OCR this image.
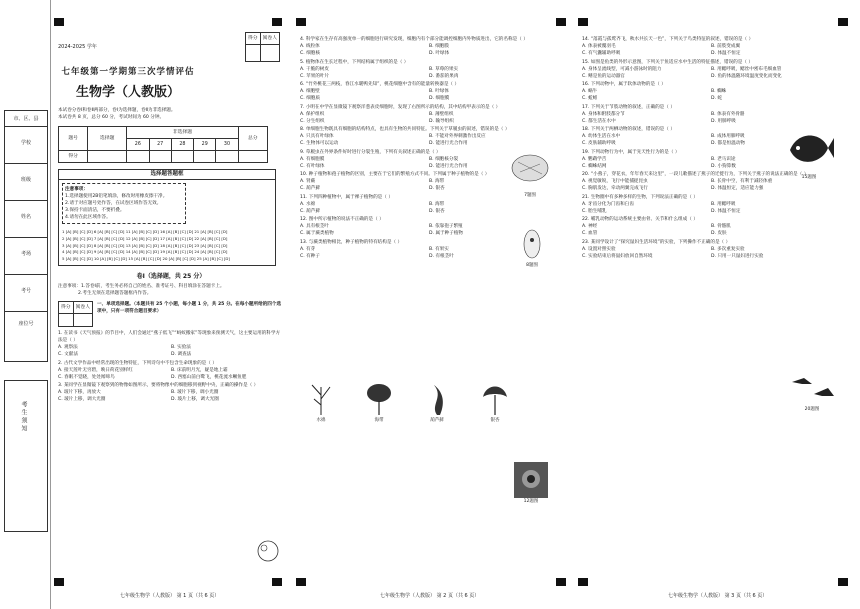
市、区、县
学校
班级
姓名
考场
考号
座位号
考生须知
2024-2025 学年
七年级第一学期第三次学情评估
生物学（人教版）
得分	阅卷人

本试卷分卷Ⅰ和卷Ⅱ两部分，卷Ⅰ为选择题，卷Ⅱ为非选择题。
本试卷共 8 页，总分 60 分，考试时间为 60 分钟。
题号	选择题	非选择题					总分
		26	27	28	29	30	
得分							
选择题答题框
注意事项：
1.选择题使用2B铅笔填涂，修改时用橡皮擦干净。
2.请于对应题号处作答，在试卷区域作答无效。
3.保持卡面清洁，不要折叠。
4.请勿在此区域作答。
1 [A] [B] [C] [D] 6 [A] [B] [C] [D] 11 [A] [B] [C] [D] 16 [A] [B] [C] [D] 21 [A] [B] [C] [D]
2 [A] [B] [C] [D] 7 [A] [B] [C] [D] 12 [A] [B] [C] [D] 17 [A] [B] [C] [D] 22 [A] [B] [C] [D]
3 [A] [B] [C] [D] 8 [A] [B] [C] [D] 13 [A] [B] [C] [D] 18 [A] [B] [C] [D] 23 [A] [B] [C] [D]
4 [A] [B] [C] [D] 9 [A] [B] [C] [D] 14 [A] [B] [C] [D] 19 [A] [B] [C] [D] 24 [A] [B] [C] [D]
5 [A] [B] [C] [D] 10 [A] [B] [C] [D] 15 [A] [B] [C] [D] 20 [A] [B] [C] [D] 25 [A] [B] [C] [D]
卷Ⅰ（选择题，共 25 分）
注意事项：1.答卷Ⅰ前，考生务必将自己的姓名、准考证号、科目填涂在答题卡上。
2.考生无须在选择题答题框内作答。
得分	阅卷人

一、单项选择题。（本题共有 25 个小题，每小题 1 分，共 25 分。在每小题所给的四个选项中，只有一项符合题目要求）
1. 在读书《天气预报》的节目中，人们会通过“燕子低飞”“蚂蚁搬家”等现象来预测天气，这主要运用的科学方法是（ ）
A. 观察法	B. 实验法
C. 文献法	D. 调查法
2. 古代文学作品中经常出现的生物特征，下列诗句中不包含生命现象的是（ ）
A. 接天莲叶无穷碧，映日荷花别样红	B. 床前明月光，疑是地上霜
C. 春眠不觉晓，处处闻啼鸟	D. 西塞山前白鹭飞，桃花流水鳜鱼肥
3. 某同学在显微镜下观察到的物像如图所示，要将物像中的细胞移到视野中央，正确的操作是（ ）
A. 玻片下移，再放大	B. 玻片下移，调小光圈
C. 玻片上移，调大光圈	D. 玻片上移，调大光圈
七年级生物学（人教版） 第 1 页（共 6 页）
4. 科学家在生存有高强度单一的细胞进行研究发现，细胞内有个部分能调控细胞内外物质进出，它的名称是（ ）
A. 线粒体	B. 细胞膜
C. 细胞核	D. 叶绿体
5. 植物体在生长过程中，下列结构属于组织的是（ ）
A. 干脆的树皮	B. 草莓的果实
C. 苹果的叶片	D. 番茄的果肉
6. “竹外桃花三两枝，春江水暖鸭先知”，桃花细胞中含有的能量转换器是（ ）
A. 细胞壁	B. 叶绿体
C. 细胞质	D. 细胞膜
7. 小明在中学在显微镜下观察洋葱表皮细胞时，发现了右图所示的结构，其中结构甲表示的是（ ）
A. 保护组织	B. 薄壁组织
C. 分生组织	D. 输导组织
8. 单细胞生物既具有细胞的结构特点，也具有生物的共同特征。下列关于草履虫的叙述，错误的是（ ）
A. 只具有叶绿体	B. 不能对外界刺激作出反应
C. 生物体可以运动	D. 能进行光合作用
9. 草履虫在外界条件好时进行分裂生殖，下列有关叙述正确的是（ ）
A. 有细胞膜	B. 细胞核分裂
C. 有叶绿体	D. 能进行光合作用
10. 种子植物和孢子植物的区别，主要在于它们的繁殖方式不同。下列属于种子植物的是（ ）
A. 肾蕨	B. 海带
C. 葫芦藓	D. 银杏
11. 下列四种植物中，属于裸子植物的是（ ）
A. 水绵	B. 海带
C. 葫芦藓	D. 银杏
12. 图中所示植物的说法不正确的是（ ）
A. 具有根茎叶	B. 依靠孢子繁殖
C. 属于蕨类植物	D. 属于种子植物
13. 与蕨类植物相比，种子植物的特有结构是（ ）
A. 有芽	B. 有果实
C. 有种子	D. 有根茎叶
7题图
8题图
水绵	海带	葫芦藓	银杏
12题图
七年级生物学（人教版） 第 2 页（共 6 页）
14. “落霞与孤鹜齐飞，秋水共长天一色”，下列关于鸟类特征的叙述，错误的是（ ）
A. 体表被覆羽毛	B. 前肢变成翼
C. 有气囊辅助呼吸	D. 体温不恒定
15. 如图是鱼类的外形示意图，下列关于鱼适应水中生活的特征描述，错误的是（ ）
A. 身体呈流线型，可减小游泳时的阻力	B. 用鳃呼吸，鳃丝中密布毛细血管
C. 鳍是鱼的运动器官	D. 鱼的体温随环境温度变化而变化
16. 下列动物中，属于软体动物的是（ ）
A. 蜗牛	B. 蜘蛛
C. 蚯蚓	D. 蛇
17. 下列关于节肢动物的叙述，正确的是（ ）
A. 身体和附肢都分节	B. 体表有外骨骼
C. 都生活在水中	D. 用肺呼吸
18. 下列关于两栖动物的叙述，错误的是（ ）
A. 幼体生活在水中	B. 成体用肺呼吸
C. 皮肤辅助呼吸	D. 都是恒温动物
19. 下列动物行为中，属于先天性行为的是（ ）
A. 鹦鹉学舌	B. 老马识途
C. 蜘蛛结网	D. 小狗算数
20. “小燕子，穿花衣，年年春天来这里”，一段儿歌描述了燕子的迁徙行为，下列关于燕子的说法正确的是（ ）
A. 视觉敏锐，飞行中能捕捉昆虫	B. 长骨中空，有利于减轻体重
C. 胸肌发达，牵动两翼完成飞行	D. 体温恒定，适应能力强
21. 生物圈中有多种多样的生物，下列说法正确的是（ ）
A. 牙齿分化为门齿和臼齿	B. 用鳃呼吸
C. 胎生哺乳	D. 体温不恒定
22. 哺乳动物的运动系统主要由骨、关节和什么组成（ ）
A. 神经	B. 骨骼肌
C. 血管	D. 皮肤
23. 某同学设计了“探究鼠妇生活环境”的实验，下列操作不正确的是（ ）
A. 设置对照实验	B. 多次重复实验
C. 实验结束后将鼠妇放回自然环境	D. 只用一只鼠妇进行实验
15题图
20题图
七年级生物学（人教版） 第 3 页（共 6 页）
